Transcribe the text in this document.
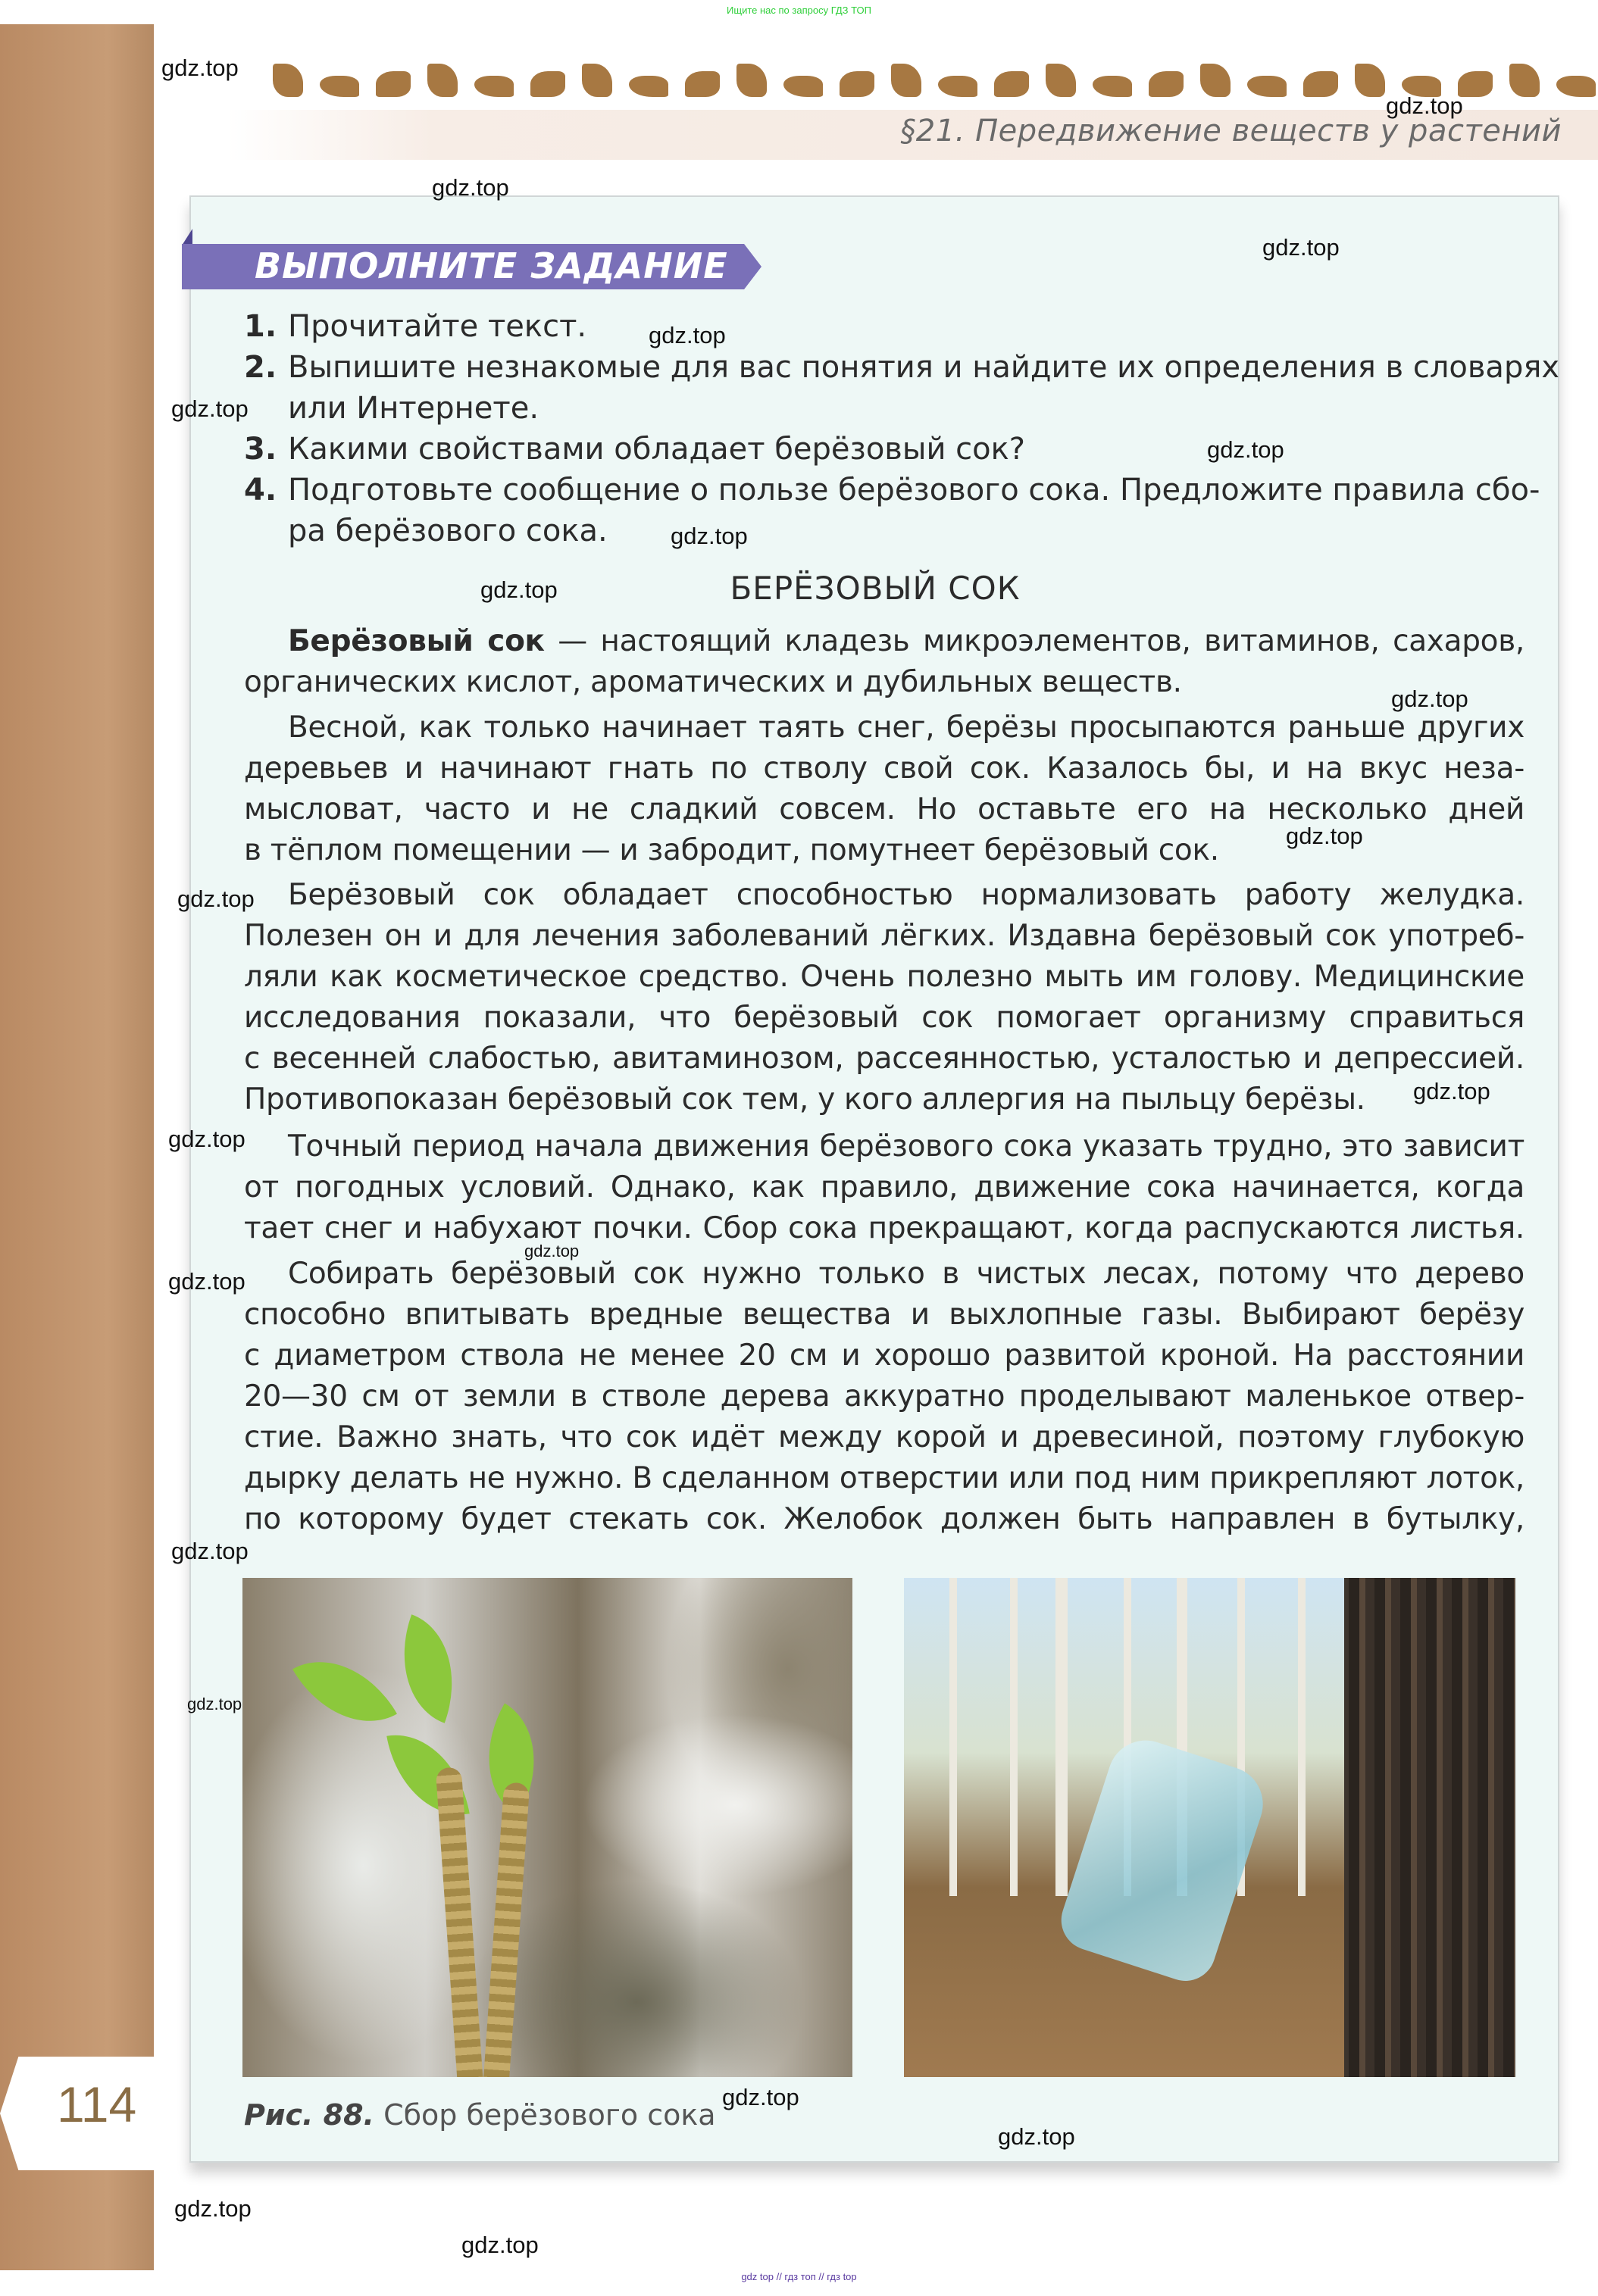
Ищите нас по запросу ГДЗ ТОП
§21. Передвижение веществ у растений
ВЫПОЛНИТЕ ЗАДАНИЕ
1. Прочитайте текст.
2. Выпишите незнакомые для вас понятия и найдите их определения в словарях
или Интернете.
3. Какими свойствами обладает берёзовый сок?
4. Подготовьте сообщение о пользе берёзового сока. Предложите правила сбо-
ра берёзового сока.
БЕРЁЗОВЫЙ СОК
Берёзовый сок — настоящий кладезь микроэлементов, витаминов, сахаров,
органических кислот, ароматических и дубильных веществ.
Весной, как только начинает таять снег, берёзы просыпаются раньше других
деревьев и начинают гнать по стволу свой сок. Казалось бы, и на вкус неза-
мысловат, часто и не сладкий совсем. Но оставьте его на несколько дней
в тёплом помещении — и забродит, помутнеет берёзовый сок.
Берёзовый сок обладает способностью нормализовать работу желудка.
Полезен он и для лечения заболеваний лёгких. Издавна берёзовый сок употреб-
ляли как косметическое средство. Очень полезно мыть им голову. Медицинские
исследования показали, что берёзовый сок помогает организму справиться
с весенней слабостью, авитаминозом, рассеянностью, усталостью и депрессией.
Противопоказан берёзовый сок тем, у кого аллергия на пыльцу берёзы.
Точный период начала движения берёзового сока указать трудно, это зависит
от погодных условий. Однако, как правило, движение сока начинается, когда
тает снег и набухают почки. Сбор сока прекращают, когда распускаются листья.
Собирать берёзовый сок нужно только в чистых лесах, потому что дерево
способно впитывать вредные вещества и выхлопные газы. Выбирают берёзу
с диаметром ствола не менее 20 см и хорошо развитой кроной. На расстоянии
20—30 см от земли в стволе дерева аккуратно проделывают маленькое отвер-
стие. Важно знать, что сок идёт между корой и древесиной, поэтому глубокую
дырку делать не нужно. В сделанном отверстии или под ним прикрепляют лоток,
по которому будет стекать сок. Желобок должен быть направлен в бутылку,
Рис. 88. Сбор берёзового сока
114
gdz.top
gdz.top
gdz.top
gdz.top
gdz.top
gdz.top
gdz.top
gdz.top
gdz.top
gdz.top
gdz.top
gdz.top
gdz.top
gdz.top
gdz.top
gdz.top
gdz.top
gdz.top
gdz.top
gdz.top
gdz.top
gdz.top
gdz top // гдз топ // гдз top
